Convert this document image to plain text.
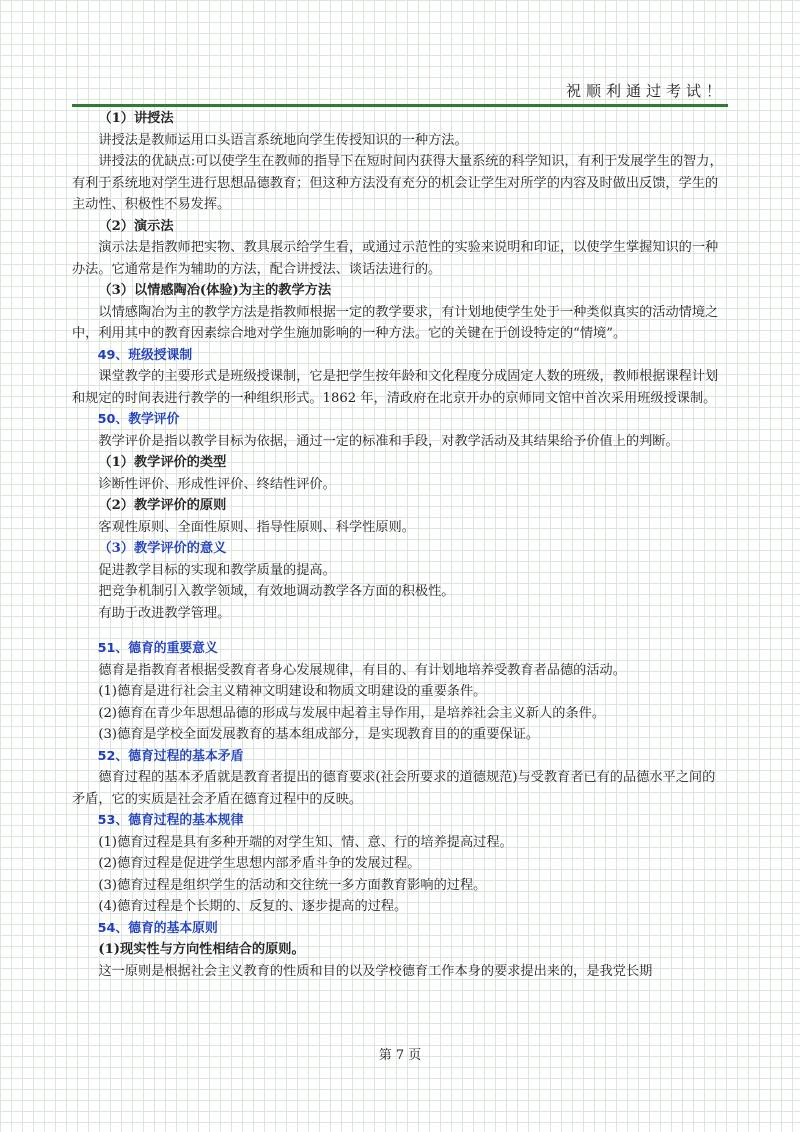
祝顺利通过考试！

（1）讲授法

讲授法是教师运用口头语言系统地向学生传授知识的一种方法。

讲授法的优缺点:可以使学生在教师的指导下在短时间内获得大量系统的科学知识，有利于发展学生的智力，有利于系统地对学生进行思想品德教育；但这种方法没有充分的机会让学生对所学的内容及时做出反馈，学生的主动性、积极性不易发挥。

（2）演示法

演示法是指教师把实物、教具展示给学生看，或通过示范性的实验来说明和印证，以使学生掌握知识的一种办法。它通常是作为辅助的方法，配合讲授法、谈话法进行的。

（3）以情感陶冶(体验)为主的教学方法

以情感陶冶为主的教学方法是指教师根据一定的教学要求，有计划地使学生处于一种类似真实的活动情境之中，利用其中的教育因素综合地对学生施加影响的一种方法。它的关键在于创设特定的“情境”。

49、班级授课制

课堂教学的主要形式是班级授课制，它是把学生按年龄和文化程度分成固定人数的班级，教师根据课程计划和规定的时间表进行教学的一种组织形式。1862 年，清政府在北京开办的京师同文馆中首次采用班级授课制。

50、教学评价

教学评价是指以教学目标为依据，通过一定的标准和手段，对教学活动及其结果给予价值上的判断。

（1）教学评价的类型

诊断性评价、形成性评价、终结性评价。

（2）教学评价的原则

客观性原则、全面性原则、指导性原则、科学性原则。

（3）教学评价的意义

促进教学目标的实现和教学质量的提高。

把竞争机制引入教学领域，有效地调动教学各方面的积极性。

有助于改进教学管理。

51、德育的重要意义

德育是指教育者根据受教育者身心发展规律，有目的、有计划地培养受教育者品德的活动。

(1)德育是进行社会主义精神文明建设和物质文明建设的重要条件。

(2)德育在青少年思想品德的形成与发展中起着主导作用，是培养社会主义新人的条件。

(3)德育是学校全面发展教育的基本组成部分，是实现教育目的的重要保证。

52、德育过程的基本矛盾

德育过程的基本矛盾就是教育者提出的德育要求(社会所要求的道德规范)与受教育者已有的品德水平之间的矛盾，它的实质是社会矛盾在德育过程中的反映。

53、德育过程的基本规律

(1)德育过程是具有多种开端的对学生知、情、意、行的培养提高过程。

(2)德育过程是促进学生思想内部矛盾斗争的发展过程。

(3)德育过程是组织学生的活动和交往统一多方面教育影响的过程。

(4)德育过程是个长期的、反复的、逐步提高的过程。

54、德育的基本原则

(1)现实性与方向性相结合的原则。

这一原则是根据社会主义教育的性质和目的以及学校德育工作本身的要求提出来的，是我党长期

第 7 页
